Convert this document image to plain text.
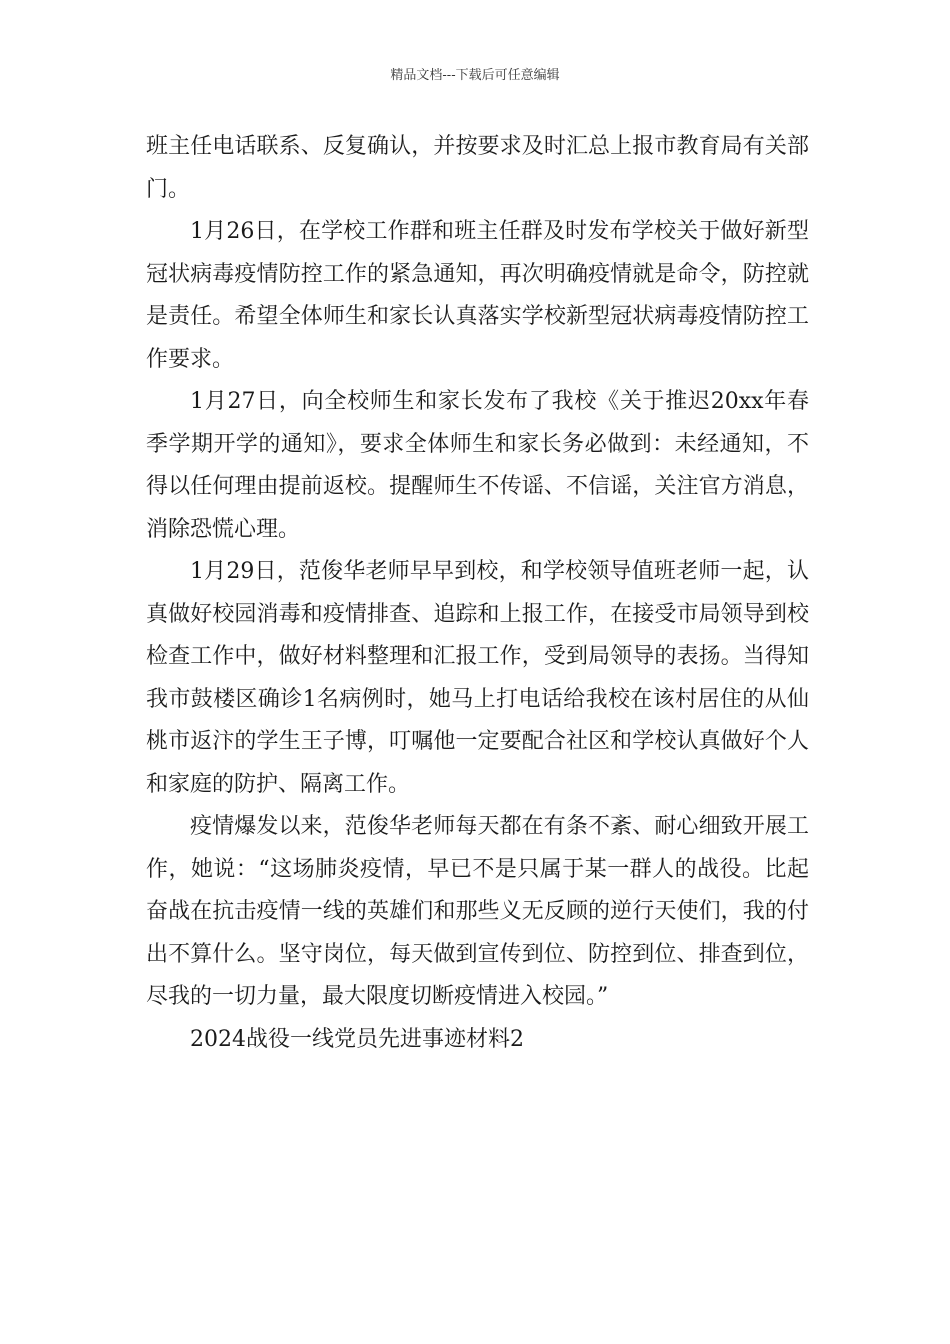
精品文档---下载后可任意编辑

班主任电话联系、反复确认，并按要求及时汇总上报市教育局有关部门。

1月26日，在学校工作群和班主任群及时发布学校关于做好新型冠状病毒疫情防控工作的紧急通知，再次明确疫情就是命令，防控就是责任。希望全体师生和家长认真落实学校新型冠状病毒疫情防控工作要求。

1月27日，向全校师生和家长发布了我校《关于推迟20xx年春季学期开学的通知》，要求全体师生和家长务必做到：未经通知，不得以任何理由提前返校。提醒师生不传谣、不信谣，关注官方消息，消除恐慌心理。

1月29日，范俊华老师早早到校，和学校领导值班老师一起，认真做好校园消毒和疫情排查、追踪和上报工作，在接受市局领导到校检查工作中，做好材料整理和汇报工作，受到局领导的表扬。当得知我市鼓楼区确诊1名病例时，她马上打电话给我校在该村居住的从仙桃市返汴的学生王子博，叮嘱他一定要配合社区和学校认真做好个人和家庭的防护、隔离工作。

疫情爆发以来，范俊华老师每天都在有条不紊、耐心细致开展工作，她说：“这场肺炎疫情，早已不是只属于某一群人的战役。比起奋战在抗击疫情一线的英雄们和那些义无反顾的逆行天使们，我的付出不算什么。坚守岗位，每天做到宣传到位、防控到位、排查到位，尽我的一切力量，最大限度切断疫情进入校园。”

2024战役一线党员先进事迹材料2
